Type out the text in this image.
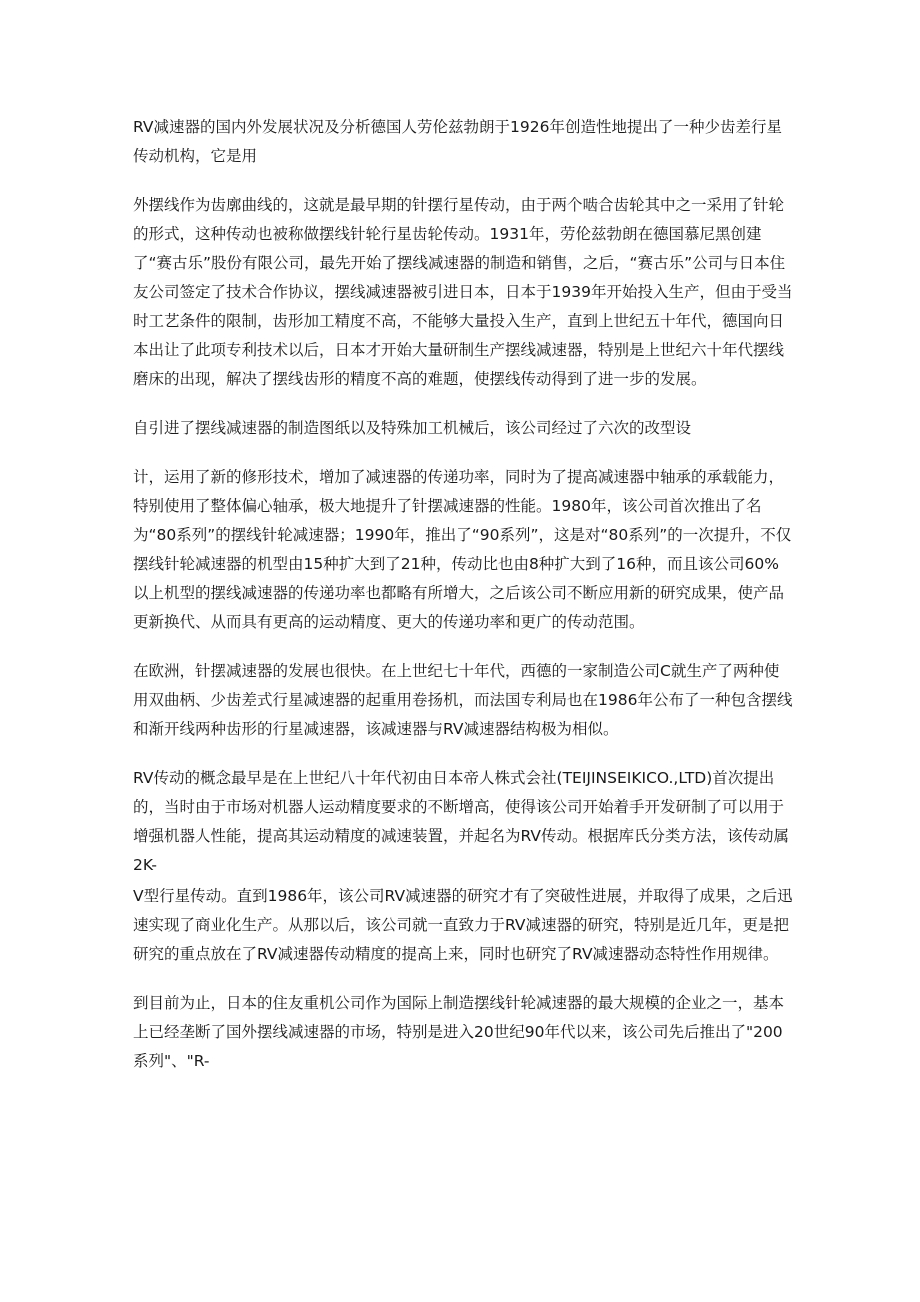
RV减速器的国内外发展状况及分析德国人劳伦兹勃朗于1926年创造性地提出了一种少齿差行星传动机构，它是用

外摆线作为齿廓曲线的，这就是最早期的针摆行星传动，由于两个啮合齿轮其中之一采用了针轮的形式，这种传动也被称做摆线针轮行星齿轮传动。1931年，劳伦兹勃朗在德国慕尼黑创建了“赛古乐”股份有限公司，最先开始了摆线减速器的制造和销售，之后，“赛古乐”公司与日本住友公司签定了技术合作协议，摆线减速器被引进日本，日本于1939年开始投入生产，但由于受当时工艺条件的限制，齿形加工精度不高，不能够大量投入生产，直到上世纪五十年代，德国向日本出让了此项专利技术以后，日本才开始大量研制生产摆线减速器，特别是上世纪六十年代摆线磨床的出现，解决了摆线齿形的精度不高的难题，使摆线传动得到了进一步的发展。

自引进了摆线减速器的制造图纸以及特殊加工机械后，该公司经过了六次的改型设

计，运用了新的修形技术，增加了减速器的传递功率，同时为了提高减速器中轴承的承载能力，特别使用了整体偏心轴承，极大地提升了针摆减速器的性能。1980年，该公司首次推出了名为“80系列”的摆线针轮减速器；1990年，推出了“90系列”，这是对“80系列”的一次提升，不仅摆线针轮减速器的机型由15种扩大到了21种，传动比也由8种扩大到了16种，而且该公司60%以上机型的摆线减速器的传递功率也都略有所增大，之后该公司不断应用新的研究成果，使产品更新换代、从而具有更高的运动精度、更大的传递功率和更广的传动范围。

在欧洲，针摆减速器的发展也很快。在上世纪七十年代，西德的一家制造公司C就生产了两种使用双曲柄、少齿差式行星减速器的起重用卷扬机，而法国专利局也在1986年公布了一种包含摆线和渐开线两种齿形的行星减速器，该减速器与RV减速器结构极为相似。

RV传动的概念最早是在上世纪八十年代初由日本帝人株式会社(TEIJINSEIKICO.,LTD)首次提出的，当时由于市场对机器人运动精度要求的不断增高，使得该公司开始着手开发研制了可以用于增强机器人性能，提高其运动精度的减速装置，并起名为RV传动。根据库氏分类方法，该传动属2K-

V型行星传动。直到1986年，该公司RV减速器的研究才有了突破性进展，并取得了成果，之后迅速实现了商业化生产。从那以后，该公司就一直致力于RV减速器的研究，特别是近几年，更是把研究的重点放在了RV减速器传动精度的提高上来，同时也研究了RV减速器动态特性作用规律。

到目前为止，日本的住友重机公司作为国际上制造摆线针轮减速器的最大规模的企业之一，基本上已经垄断了国外摆线减速器的市场，特别是进入20世纪90年代以来，该公司先后推出了"200系列"、"R-
